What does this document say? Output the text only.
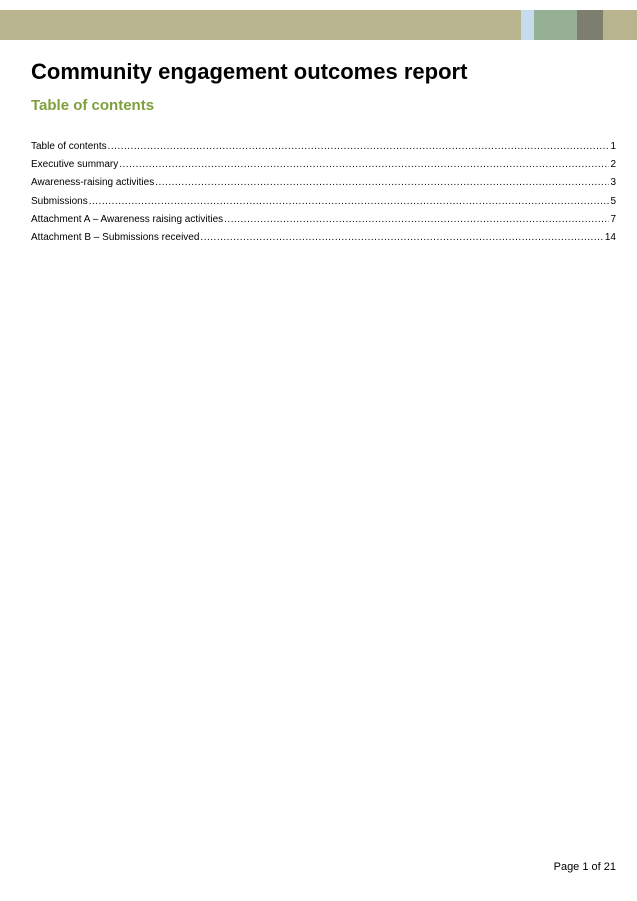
Community engagement outcomes report
Table of contents
Table of contents .....	1
Executive summary .....	2
Awareness-raising activities .....	3
Submissions .....	5
Attachment A – Awareness raising activities .....	7
Attachment B – Submissions received .....	14
Page 1 of 21
